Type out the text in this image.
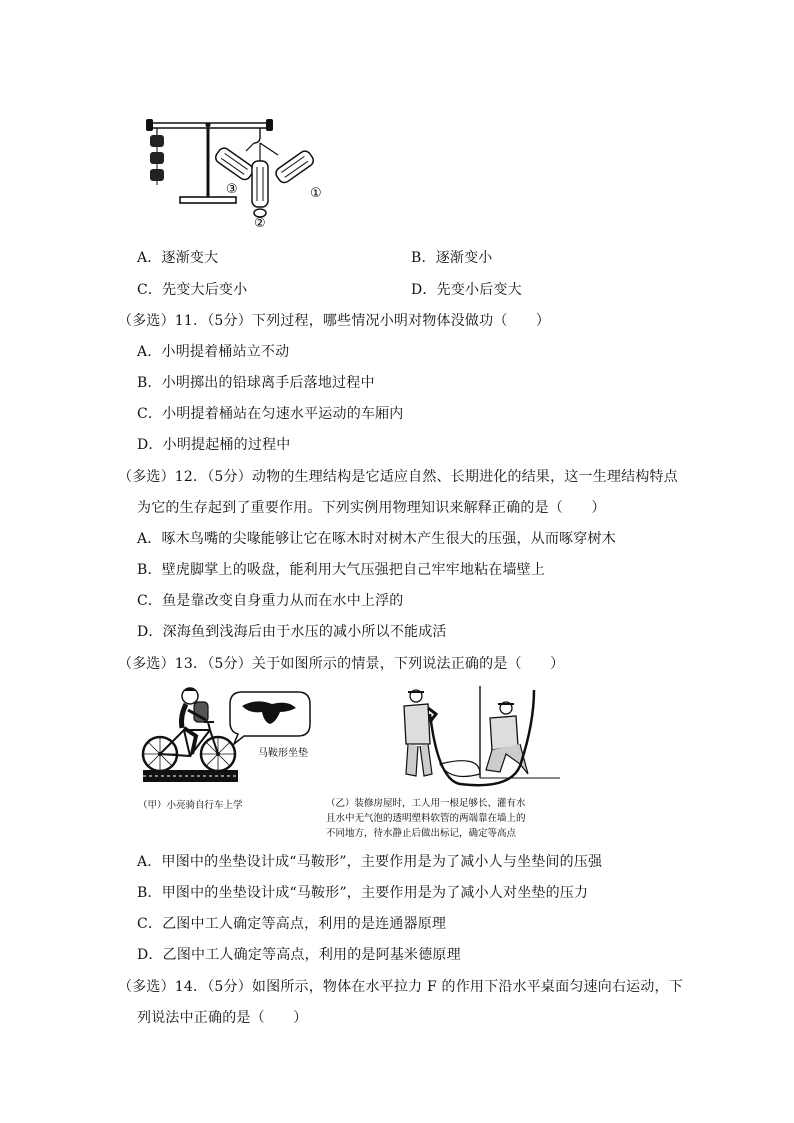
③
②
①
A．逐渐变大	B．逐渐变小
C．先变大后变小	D．先变小后变大
（多选）11．（5分）下列过程，哪些情况小明对物体没做功（　　）
A．小明提着桶站立不动
B．小明掷出的铅球离手后落地过程中
C．小明提着桶站在匀速水平运动的车厢内
D．小明提起桶的过程中
（多选）12．（5分）动物的生理结构是它适应自然、长期进化的结果，这一生理结构特点
为它的生存起到了重要作用。下列实例用物理知识来解释正确的是（　　）
A．啄木鸟嘴的尖喙能够让它在啄木时对树木产生很大的压强，从而啄穿树木
B．壁虎脚掌上的吸盘，能利用大气压强把自己牢牢地粘在墙壁上
C．鱼是靠改变自身重力从而在水中上浮的
D．深海鱼到浅海后由于水压的减小所以不能成活
（多选）13．（5分）关于如图所示的情景，下列说法正确的是（　　）
马鞍形坐垫
（甲）小亮骑自行车上学	（乙）装修房屋时，工人用一根足够长、灌有水
且水中无气泡的透明塑料软管的两端靠在墙上的
不同地方，待水静止后做出标记，确定等高点
A．甲图中的坐垫设计成“马鞍形”，主要作用是为了减小人与坐垫间的压强
B．甲图中的坐垫设计成“马鞍形”，主要作用是为了减小人对坐垫的压力
C．乙图中工人确定等高点，利用的是连通器原理
D．乙图中工人确定等高点，利用的是阿基米德原理
（多选）14．（5分）如图所示，物体在水平拉力 F 的作用下沿水平桌面匀速向右运动，下
列说法中正确的是（　　）
